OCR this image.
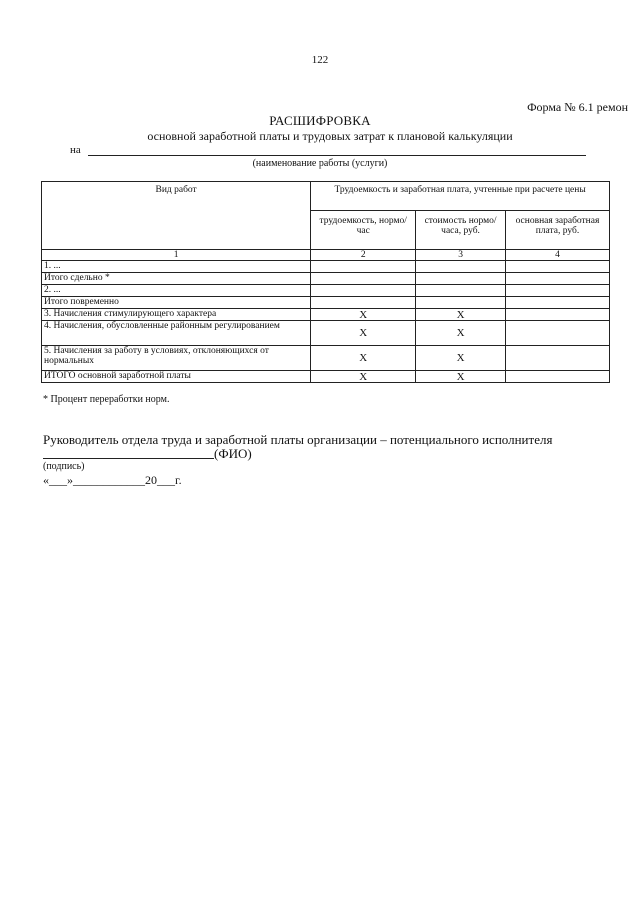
122
Форма № 6.1 ремон
РАСШИФРОВКА
основной заработной платы и трудовых затрат к плановой калькуляции
на
(наименование работы (услуги)
Вид работ	Трудоемкость и заработная плата, учтенные при расчете цены		
	трудоемкость, нормо/час	стоимость нормо/часа, руб.	основная заработная плата, руб.
1	2	3	4
1. ...			
Итого сдельно *			
2. ...			
Итого повременно			
3. Начисления стимулирующего характера	X	X	
4. Начисления, обусловленные районным регулированием	X	X	
5. Начисления за работу в условиях, отклоняющихся от нормальных	X	X	
ИТОГО основной заработной платы	X	X	
* Процент переработки норм.
Руководитель отдела труда и заработной платы организации – потенциального исполнителя
(ФИО)
(подпись)
«___»____________20___г.
